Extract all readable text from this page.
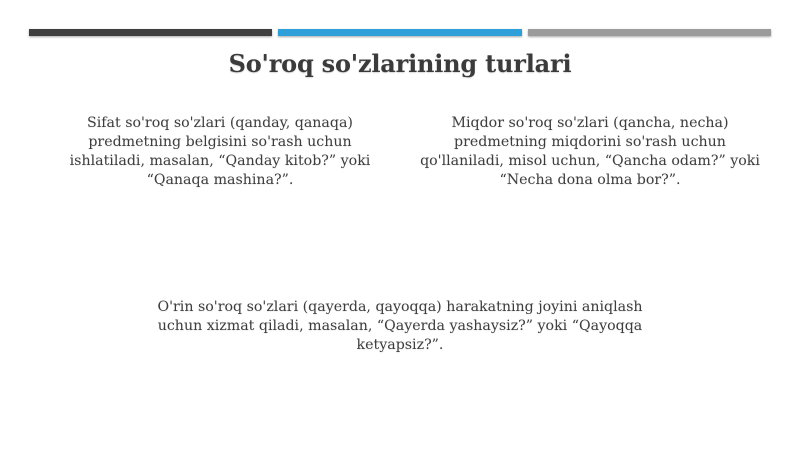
So'roq so'zlarining turlari
Sifat so'roq so'zlari (qanday, qanaqa) predmetning belgisini so'rash uchun ishlatiladi, masalan, “Qanday kitob?” yoki “Qanaqa mashina?”.
Miqdor so'roq so'zlari (qancha, necha) predmetning miqdorini so'rash uchun qo'llaniladi, misol uchun, “Qancha odam?” yoki “Necha dona olma bor?”.
O'rin so'roq so'zlari (qayerda, qayoqqa) harakatning joyini aniqlash uchun xizmat qiladi, masalan, “Qayerda yashaysiz?” yoki “Qayoqqa ketyapsiz?”.
